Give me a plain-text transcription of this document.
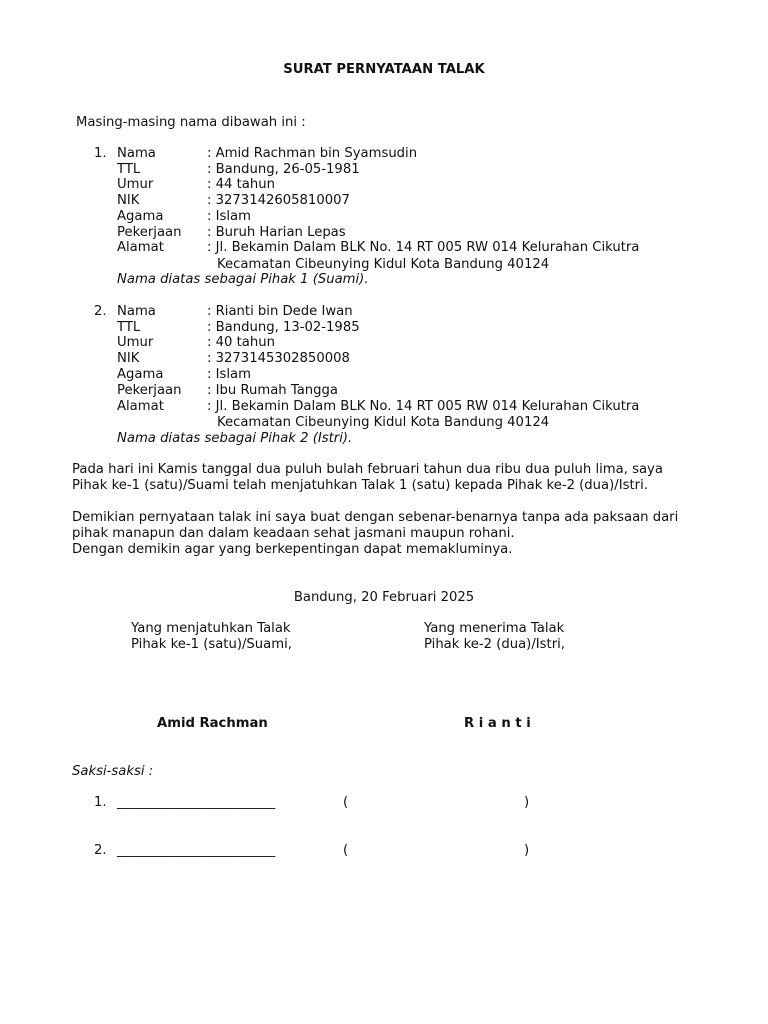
SURAT PERNYATAAN TALAK
Masing-masing nama dibawah ini :
1. Nama	: Amid Rachman bin Syamsudin
TTL	: Bandung, 26-05-1981
Umur	: 44 tahun
NIK	: 3273142605810007
Agama	: Islam
Pekerjaan : Buruh Harian Lepas
Alamat	: Jl. Bekamin Dalam BLK No. 14 RT 005 RW 014 Kelurahan Cikutra
Kecamatan Cibeunying Kidul Kota Bandung 40124
Nama diatas sebagai Pihak 1 (Suami).
2. Nama	: Rianti bin Dede Iwan
TTL	: Bandung, 13-02-1985
Umur	: 40 tahun
NIK	: 3273145302850008
Agama	: Islam
Pekerjaan : Ibu Rumah Tangga
Alamat	: Jl. Bekamin Dalam BLK No. 14 RT 005 RW 014 Kelurahan Cikutra
Kecamatan Cibeunying Kidul Kota Bandung 40124
Nama diatas sebagai Pihak 2 (Istri).
Pada hari ini Kamis tanggal dua puluh bulah februari tahun dua ribu dua puluh lima, saya
Pihak ke-1 (satu)/Suami telah menjatuhkan Talak 1 (satu) kepada Pihak ke-2 (dua)/Istri.
Demikian pernyataan talak ini saya buat dengan sebenar-benarnya tanpa ada paksaan dari
pihak manapun dan dalam keadaan sehat jasmani maupun rohani.
Dengan demikin agar yang berkepentingan dapat memakluminya.
Bandung, 20 Februari 2025
Yang menjatuhkan Talak
Pihak ke-1 (satu)/Suami,
Yang menerima Talak
Pihak ke-2 (dua)/Istri,
Amid Rachman	R i a n t i
Saksi-saksi :
1. ________________________	(	)
2. ________________________	(	)
